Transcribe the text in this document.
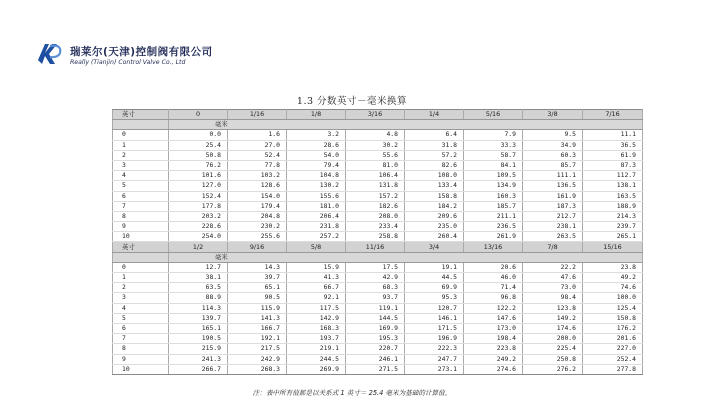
瑞莱尔(天津)控制阀有限公司
Really (Tianjin) Control Valve Co., Ltd
1.3 分数英寸－毫米换算
英寸	0	1/16	1/8	3/16	1/4	5/16	3/8	7/16
	毫米							
0	0.0	1.6	3.2	4.8	6.4	7.9	9.5	11.1
1	25.4	27.0	28.6	30.2	31.8	33.3	34.9	36.5
2	50.8	52.4	54.0	55.6	57.2	58.7	60.3	61.9
3	76.2	77.8	79.4	81.0	82.6	84.1	85.7	87.3
4	101.6	103.2	104.8	106.4	108.0	109.5	111.1	112.7
5	127.0	128.6	130.2	131.8	133.4	134.9	136.5	138.1
6	152.4	154.0	155.6	157.2	158.8	160.3	161.9	163.5
7	177.8	179.4	181.0	182.6	184.2	185.7	187.3	188.9
8	203.2	204.8	206.4	208.0	209.6	211.1	212.7	214.3
9	228.6	230.2	231.8	233.4	235.0	236.5	238.1	239.7
10	254.0	255.6	257.2	258.8	260.4	261.9	263.5	265.1
英寸	1/2	9/16	5/8	11/16	3/4	13/16	7/8	15/16
	毫米							
0	12.7	14.3	15.9	17.5	19.1	20.6	22.2	23.8
1	38.1	39.7	41.3	42.9	44.5	46.0	47.6	49.2
2	63.5	65.1	66.7	68.3	69.9	71.4	73.0	74.6
3	88.9	90.5	92.1	93.7	95.3	96.8	98.4	100.0
4	114.3	115.9	117.5	119.1	120.7	122.2	123.8	125.4
5	139.7	141.3	142.9	144.5	146.1	147.6	149.2	150.8
6	165.1	166.7	168.3	169.9	171.5	173.0	174.6	176.2
7	190.5	192.1	193.7	195.3	196.9	198.4	200.0	201.6
8	215.9	217.5	219.1	220.7	222.3	223.8	225.4	227.0
9	241.3	242.9	244.5	246.1	247.7	249.2	250.8	252.4
10	266.7	268.3	269.9	271.5	273.1	274.6	276.2	277.8
注：表中所有值都是以关系式 1 英寸＝ 25.4 毫米为基础的计算值。
